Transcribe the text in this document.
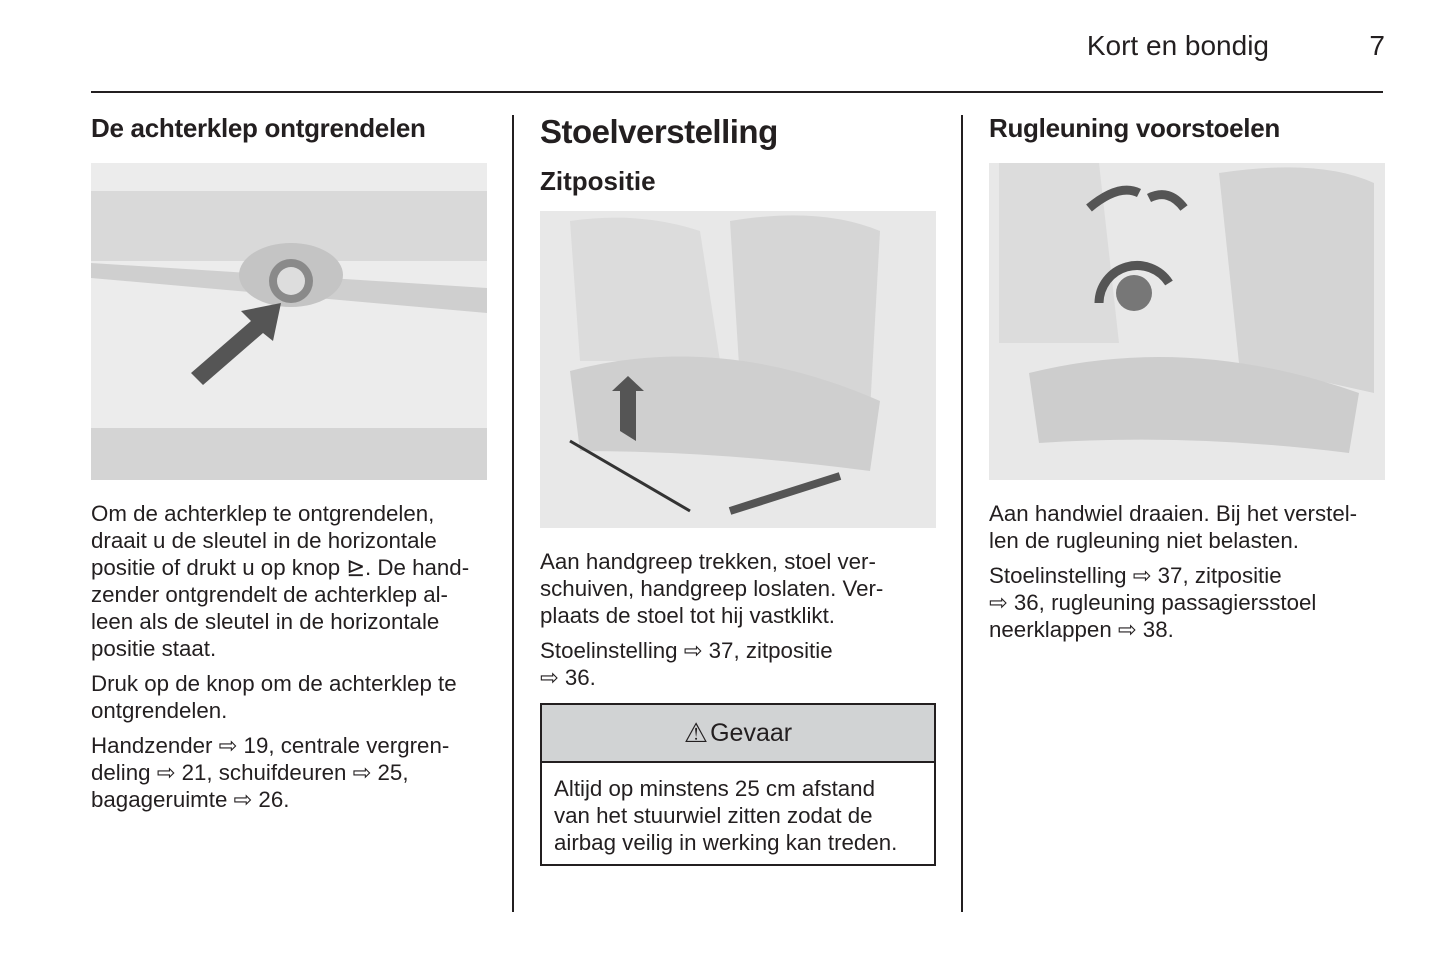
Kort en bondig	7
De achterklep ontgrendelen
Om de achterklep te ontgrendelen,
draait u de sleutel in de horizontale
positie of drukt u op knop ⊵. De hand-
zender ontgrendelt de achterklep al-
leen als de sleutel in de horizontale
positie staat.
Druk op de knop om de achterklep te
ontgrendelen.
Handzender ⇨ 19, centrale vergren-
deling ⇨ 21, schuifdeuren ⇨ 25,
bagageruimte ⇨ 26.
Stoelverstelling
Zitpositie
Aan handgreep trekken, stoel ver-
schuiven, handgreep loslaten. Ver-
plaats de stoel tot hij vastklikt.
Stoelinstelling ⇨ 37, zitpositie
⇨ 36.
⚠ Gevaar
Altijd op minstens 25 cm afstand
van het stuurwiel zitten zodat de
airbag veilig in werking kan treden.
Rugleuning voorstoelen
Aan handwiel draaien. Bij het verstel-
len de rugleuning niet belasten.
Stoelinstelling ⇨ 37, zitpositie
⇨ 36, rugleuning passagiersstoel
neerklappen ⇨ 38.
